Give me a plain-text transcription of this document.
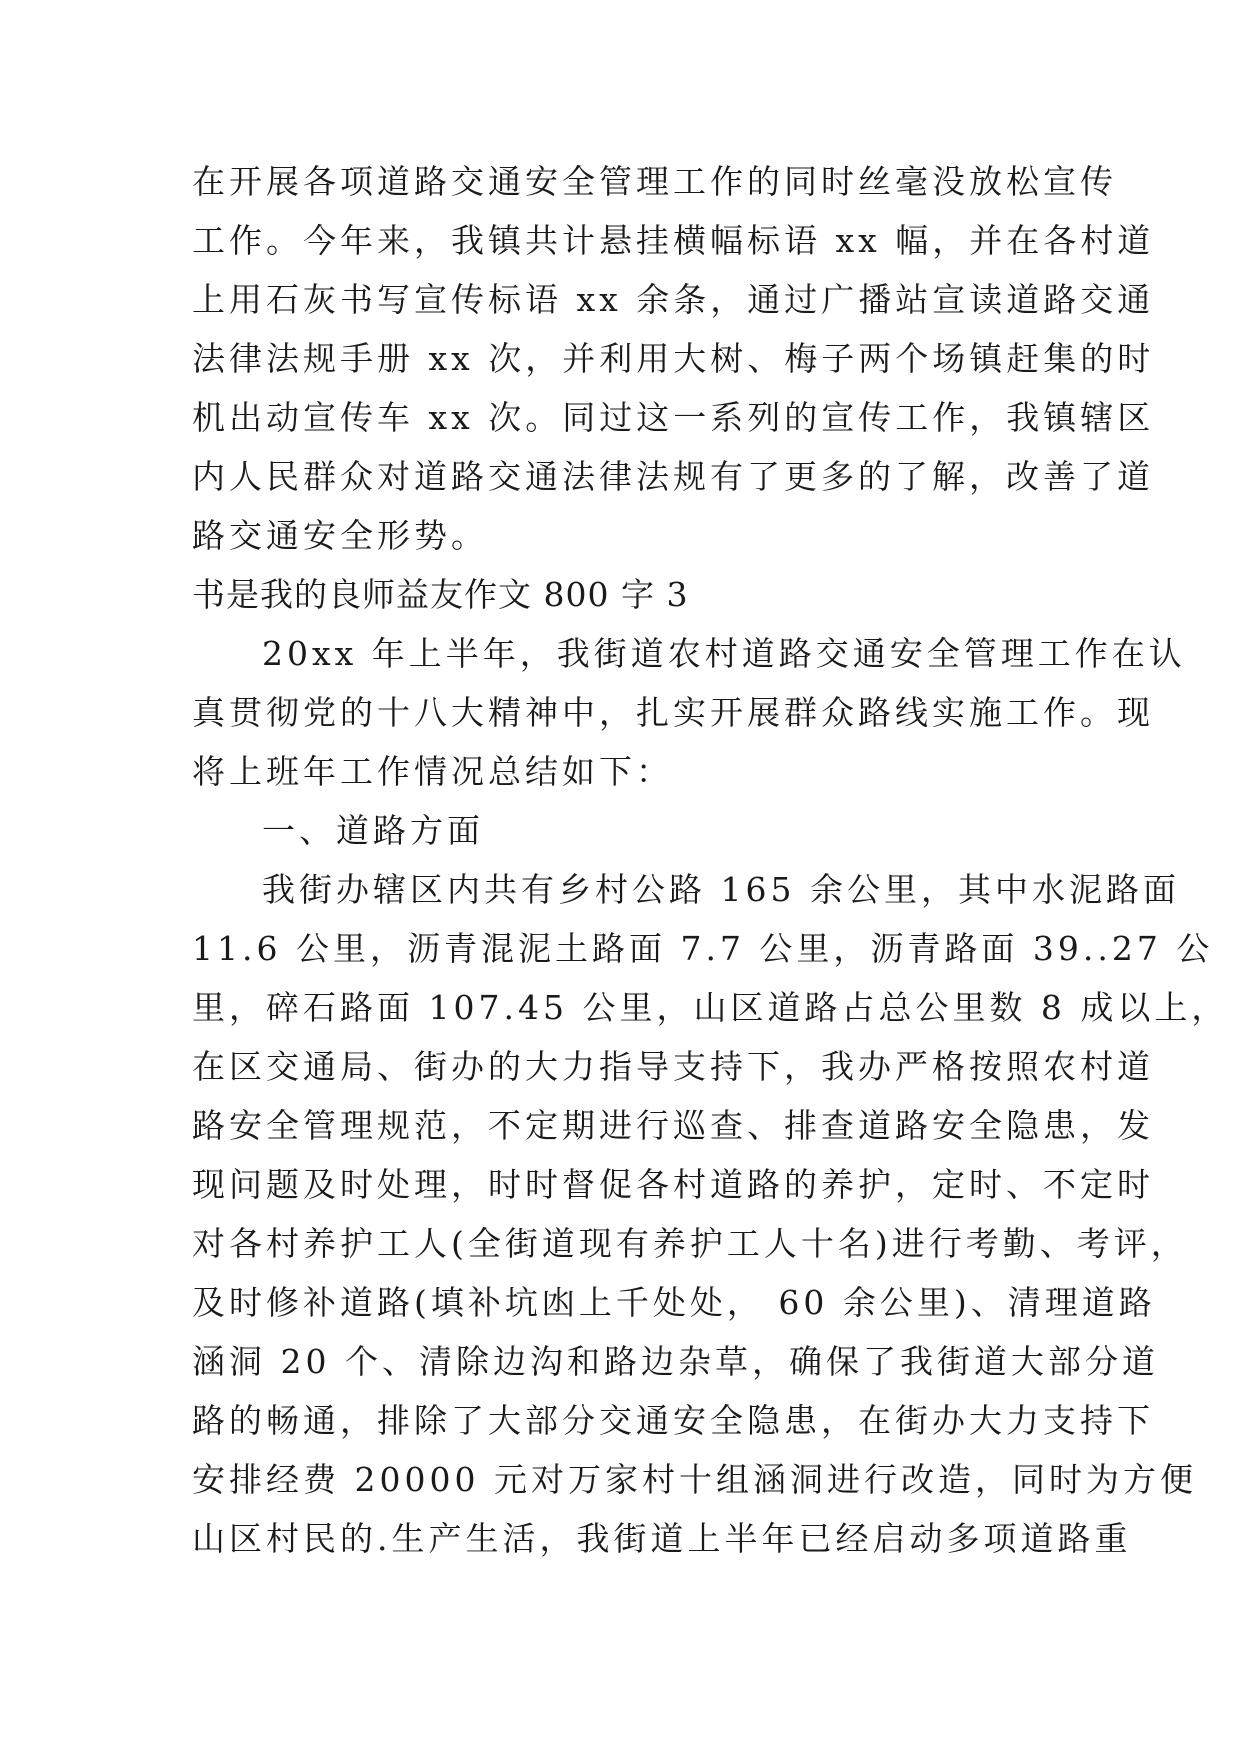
在开展各项道路交通安全管理工作的同时丝毫没放松宣传
工作。今年来，我镇共计悬挂横幅标语 xx 幅，并在各村道
上用石灰书写宣传标语 xx 余条，通过广播站宣读道路交通
法律法规手册 xx 次，并利用大树、梅子两个场镇赶集的时
机出动宣传车 xx 次。同过这一系列的宣传工作，我镇辖区
内人民群众对道路交通法律法规有了更多的了解，改善了道
路交通安全形势。
书是我的良师益友作文 800 字 3
20xx 年上半年，我街道农村道路交通安全管理工作在认
真贯彻党的十八大精神中，扎实开展群众路线实施工作。现
将上班年工作情况总结如下：
一、道路方面
我街办辖区内共有乡村公路 165 余公里，其中水泥路面
11.6 公里，沥青混泥土路面 7.7 公里，沥青路面 39..27 公
里，碎石路面 107.45 公里，山区道路占总公里数 8 成以上，
在区交通局、街办的大力指导支持下，我办严格按照农村道
路安全管理规范，不定期进行巡查、排查道路安全隐患，发
现问题及时处理，时时督促各村道路的养护，定时、不定时
对各村养护工人(全街道现有养护工人十名)进行考勤、考评，
及时修补道路(填补坑凼上千处处， 60 余公里)、清理道路
涵洞 20 个、清除边沟和路边杂草，确保了我街道大部分道
路的畅通，排除了大部分交通安全隐患，在街办大力支持下
安排经费 20000 元对万家村十组涵洞进行改造，同时为方便
山区村民的.生产生活，我街道上半年已经启动多项道路重
